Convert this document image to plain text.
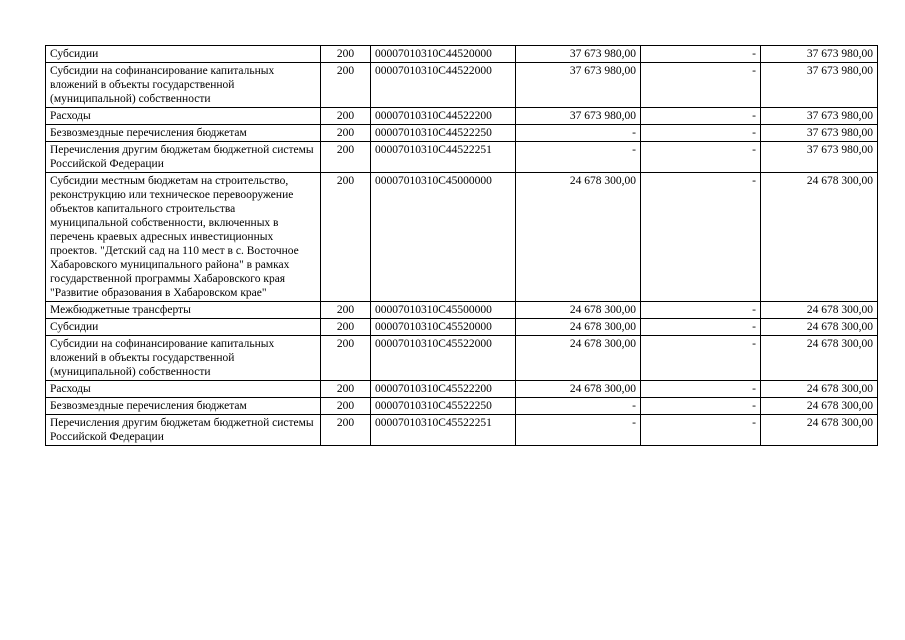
Субсидии	200	00007010310С44520000	37 673 980,00	-	37 673 980,00
Субсидии на софинансирование капитальных вложений в объекты государственной (муниципальной) собственности	200	00007010310С44522000	37 673 980,00	-	37 673 980,00
Расходы	200	00007010310С44522200	37 673 980,00	-	37 673 980,00
Безвозмездные перечисления бюджетам	200	00007010310С44522250	-	-	37 673 980,00
Перечисления другим бюджетам бюджетной системы Российской Федерации	200	00007010310С44522251	-	-	37 673 980,00
Субсидии местным бюджетам на строительство, реконструкцию или техническое перевооружение объектов капитального строительства муниципальной собственности, включенных в перечень краевых адресных инвестиционных проектов. "Детский сад на 110 мест в с. Восточное Хабаровского муниципального района" в рамках государственной программы Хабаровского края "Развитие образования в Хабаровском крае"	200	00007010310С45000000	24 678 300,00	-	24 678 300,00
Межбюджетные трансферты	200	00007010310С45500000	24 678 300,00	-	24 678 300,00
Субсидии	200	00007010310С45520000	24 678 300,00	-	24 678 300,00
Субсидии на софинансирование капитальных вложений в объекты государственной (муниципальной) собственности	200	00007010310С45522000	24 678 300,00	-	24 678 300,00
Расходы	200	00007010310С45522200	24 678 300,00	-	24 678 300,00
Безвозмездные перечисления бюджетам	200	00007010310С45522250	-	-	24 678 300,00
Перечисления другим бюджетам бюджетной системы Российской Федерации	200	00007010310С45522251	-	-	24 678 300,00
